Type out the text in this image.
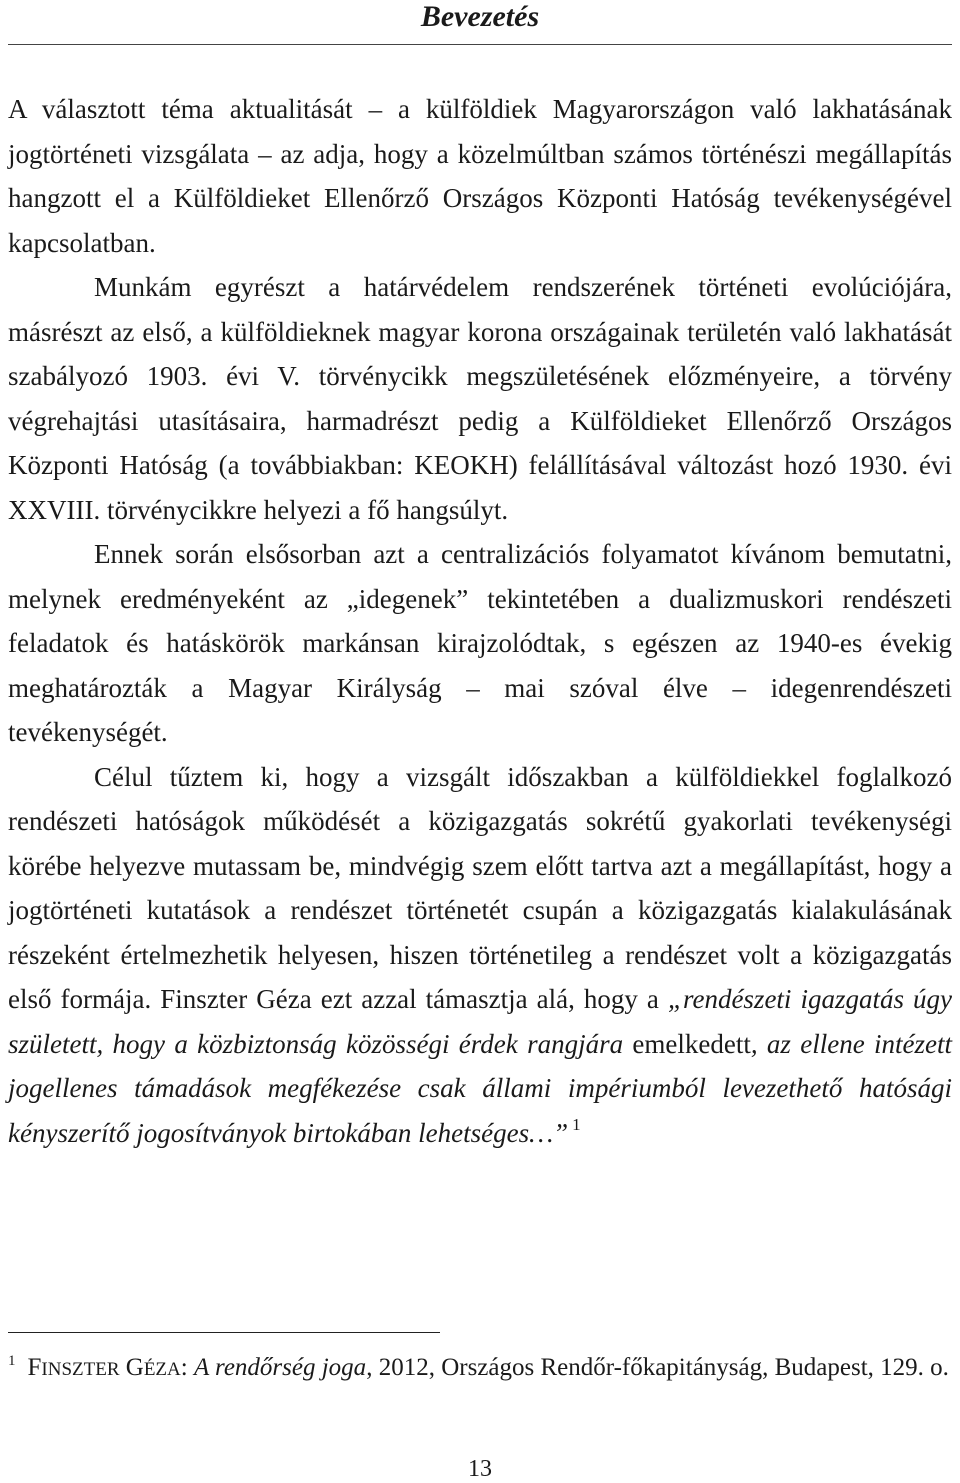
Bevezetés

A választott téma aktualitását – a külföldiek Magyarországon való lakhatásának jogtörténeti vizsgálata – az adja, hogy a közelmúltban számos történészi megállapítás hangzott el a Külföldieket Ellenőrző Országos Központi Hatóság tevékenységével kapcsolatban.

Munkám egyrészt a határvédelem rendszerének történeti evolúciójára, másrészt az első, a külföldieknek magyar korona országainak területén való lakhatását szabályozó 1903. évi V. törvénycikk megszületésének előzményeire, a törvény végrehajtási utasításaira, harmadrészt pedig a Külföldieket Ellenőrző Országos Központi Hatóság (a továbbiakban: KEOKH) felállításával változást hozó 1930. évi XXVIII. törvénycikkre helyezi a fő hangsúlyt.

Ennek során elsősorban azt a centralizációs folyamatot kívánom bemutatni, melynek eredményeként az „idegenek” tekintetében a dualizmuskori rendészeti feladatok és hatáskörök markánsan kirajzolódtak, s egészen az 1940-es évekig meghatározták a Magyar Királyság – mai szóval élve – idegenrendészeti tevékenységét.

Célul tűztem ki, hogy a vizsgált időszakban a külföldiekkel foglalkozó rendészeti hatóságok működését a közigazgatás sokrétű gyakorlati tevékenységi körébe helyezve mutassam be, mindvégig szem előtt tartva azt a megállapítást, hogy a jogtörténeti kutatások a rendészet történetét csupán a közigazgatás kialakulásának részeként értelmezhetik helyesen, hiszen történetileg a rendészet volt a közigazgatás első formája. Finszter Géza ezt azzal támasztja alá, hogy a „rendészeti igazgatás úgy született, hogy a közbiztonság közösségi érdek rangjára emelkedett, az ellene intézett jogellenes támadások megfékezése csak állami impériumból levezethető hatósági kényszerítő jogosítványok birtokában lehetséges…” $^1$

$^1$ FINSZTER GÉZA: A rendőrség joga, 2012, Országos Rendőr-főkapitányság, Budapest, 129. o.
13
